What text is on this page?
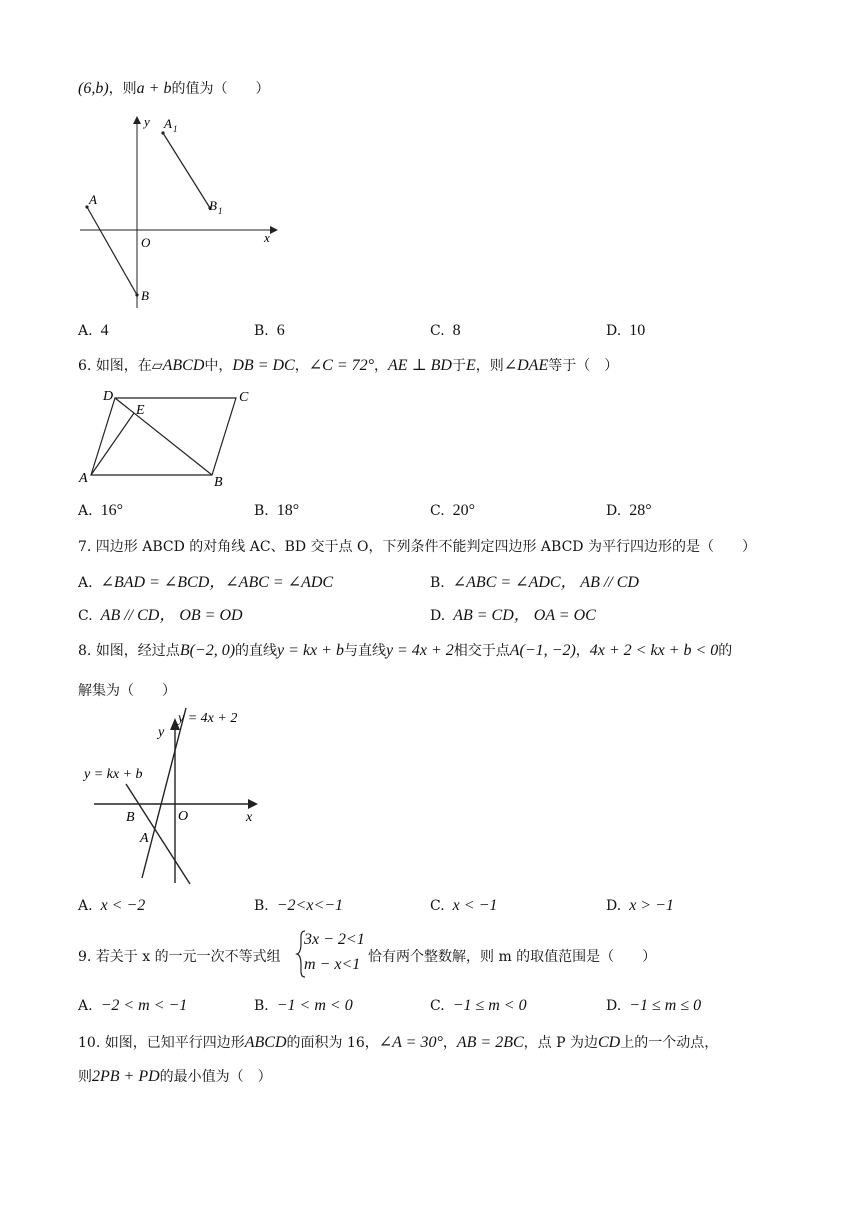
(6,b)，则a + b的值为（　　）
y
x
O
A
B
A 1
B 1
A. 4	B. 6	C. 8	D. 10
6. 如图，在▱ABCD中，DB = DC，∠C = 72°，AE ⊥ BD于E，则∠DAE等于（　）
D
E
C
A	B
A. 16°	B. 18°	C. 20°	D. 28°
7. 四边形 ABCD 的对角线 AC、BD 交于点 O，下列条件不能判定四边形 ABCD 为平行四边形的是（　　）
A. ∠BAD = ∠BCD，∠ABC = ∠ADC	B. ∠ABC = ∠ADC， AB // CD
C. AB // CD， OB = OD	D. AB = CD， OA = OC
8. 如图，经过点B(−2, 0)的直线y = kx + b与直线y = 4x + 2相交于点A(−1, −2)，4x + 2 < kx + b < 0的
解集为（　　）
y = 4x + 2
y
y = kx + b
B	O	x
A
A. x < −2	B. −2<x<−1	C. x < −1	D. x > −1
9. 若关于 x 的一元一次不等式组
3x − 2<1
m − x<1 恰有两个整数解，则 m 的取值范围是（　　）
A. −2 < m < −1	B. −1 < m < 0	C. −1 ≤ m < 0	D. −1 ≤ m ≤ 0
10. 如图，已知平行四边形ABCD的面积为 16，∠A = 30°，AB = 2BC，点 P 为边CD上的一个动点，
则2PB + PD的最小值为（　）
